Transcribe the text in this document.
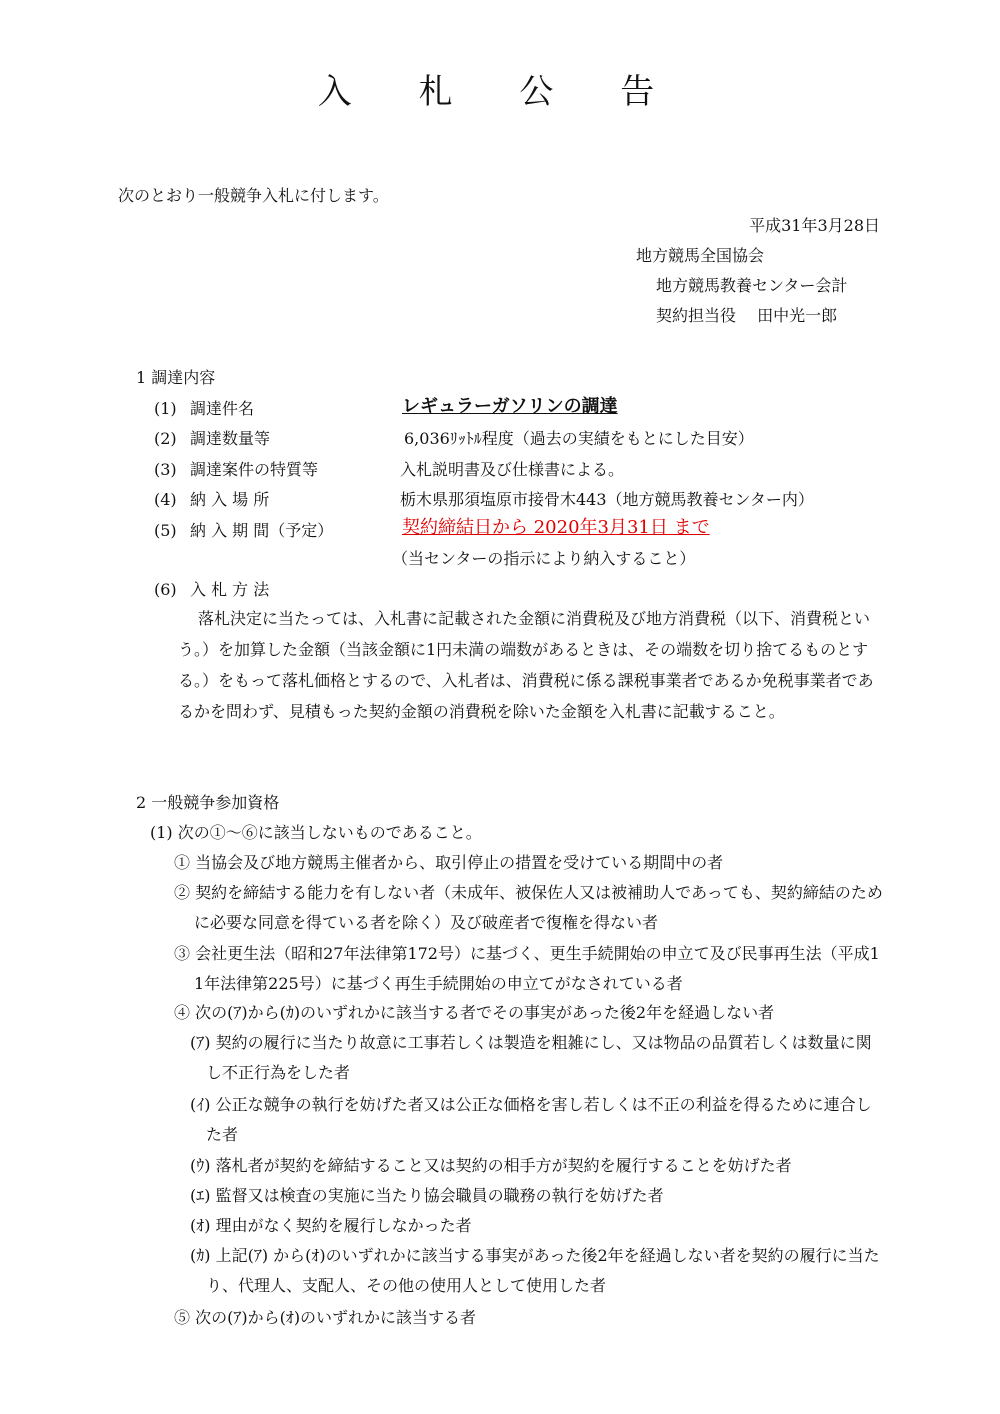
入 札 公 告
次のとおり一般競争入札に付します。
平成31年3月28日
地方競馬全国協会
地方競馬教養センター会計
契約担当役　 田中光一郎
1 調達内容
(1) 調達件名	レギュラーガソリンの調達
(2) 調達数量等	6,036ﾘｯﾄﾙ程度（過去の実績をもとにした目安）
(3) 調達案件の特質等	入札説明書及び仕様書による。
(4) 納 入 場 所	栃木県那須塩原市接骨木443（地方競馬教養センター内）
(5) 納 入 期 間（予定）	契約締結日から 2020年3月31日 まで
（当センターの指示により納入すること）
(6) 入 札 方 法
落札決定に当たっては、入札書に記載された金額に消費税及び地方消費税（以下、消費税という。）を加算した金額（当該金額に1円未満の端数があるときは、その端数を切り捨てるものとする。）をもって落札価格とするので、入札者は、消費税に係る課税事業者であるか免税事業者であるかを問わず、見積もった契約金額の消費税を除いた金額を入札書に記載すること。
2 一般競争参加資格
(1) 次の①～⑥に該当しないものであること。
① 当協会及び地方競馬主催者から、取引停止の措置を受けている期間中の者
② 契約を締結する能力を有しない者（未成年、被保佐人又は被補助人であっても、契約締結のために必要な同意を得ている者を除く）及び破産者で復権を得ない者
③ 会社更生法（昭和27年法律第172号）に基づく、更生手続開始の申立て及び民事再生法（平成11年法律第225号）に基づく再生手続開始の申立てがなされている者
④ 次の(ｱ)から(ｶ)のいずれかに該当する者でその事実があった後2年を経過しない者
(ｱ) 契約の履行に当たり故意に工事若しくは製造を粗雑にし、又は物品の品質若しくは数量に関し不正行為をした者
(ｲ) 公正な競争の執行を妨げた者又は公正な価格を害し若しくは不正の利益を得るために連合した者
(ｳ) 落札者が契約を締結すること又は契約の相手方が契約を履行することを妨げた者
(ｴ) 監督又は検査の実施に当たり協会職員の職務の執行を妨げた者
(ｵ) 理由がなく契約を履行しなかった者
(ｶ) 上記(ｱ) から(ｵ)のいずれかに該当する事実があった後2年を経過しない者を契約の履行に当たり、代理人、支配人、その他の使用人として使用した者
⑤ 次の(ｱ)から(ｵ)のいずれかに該当する者
